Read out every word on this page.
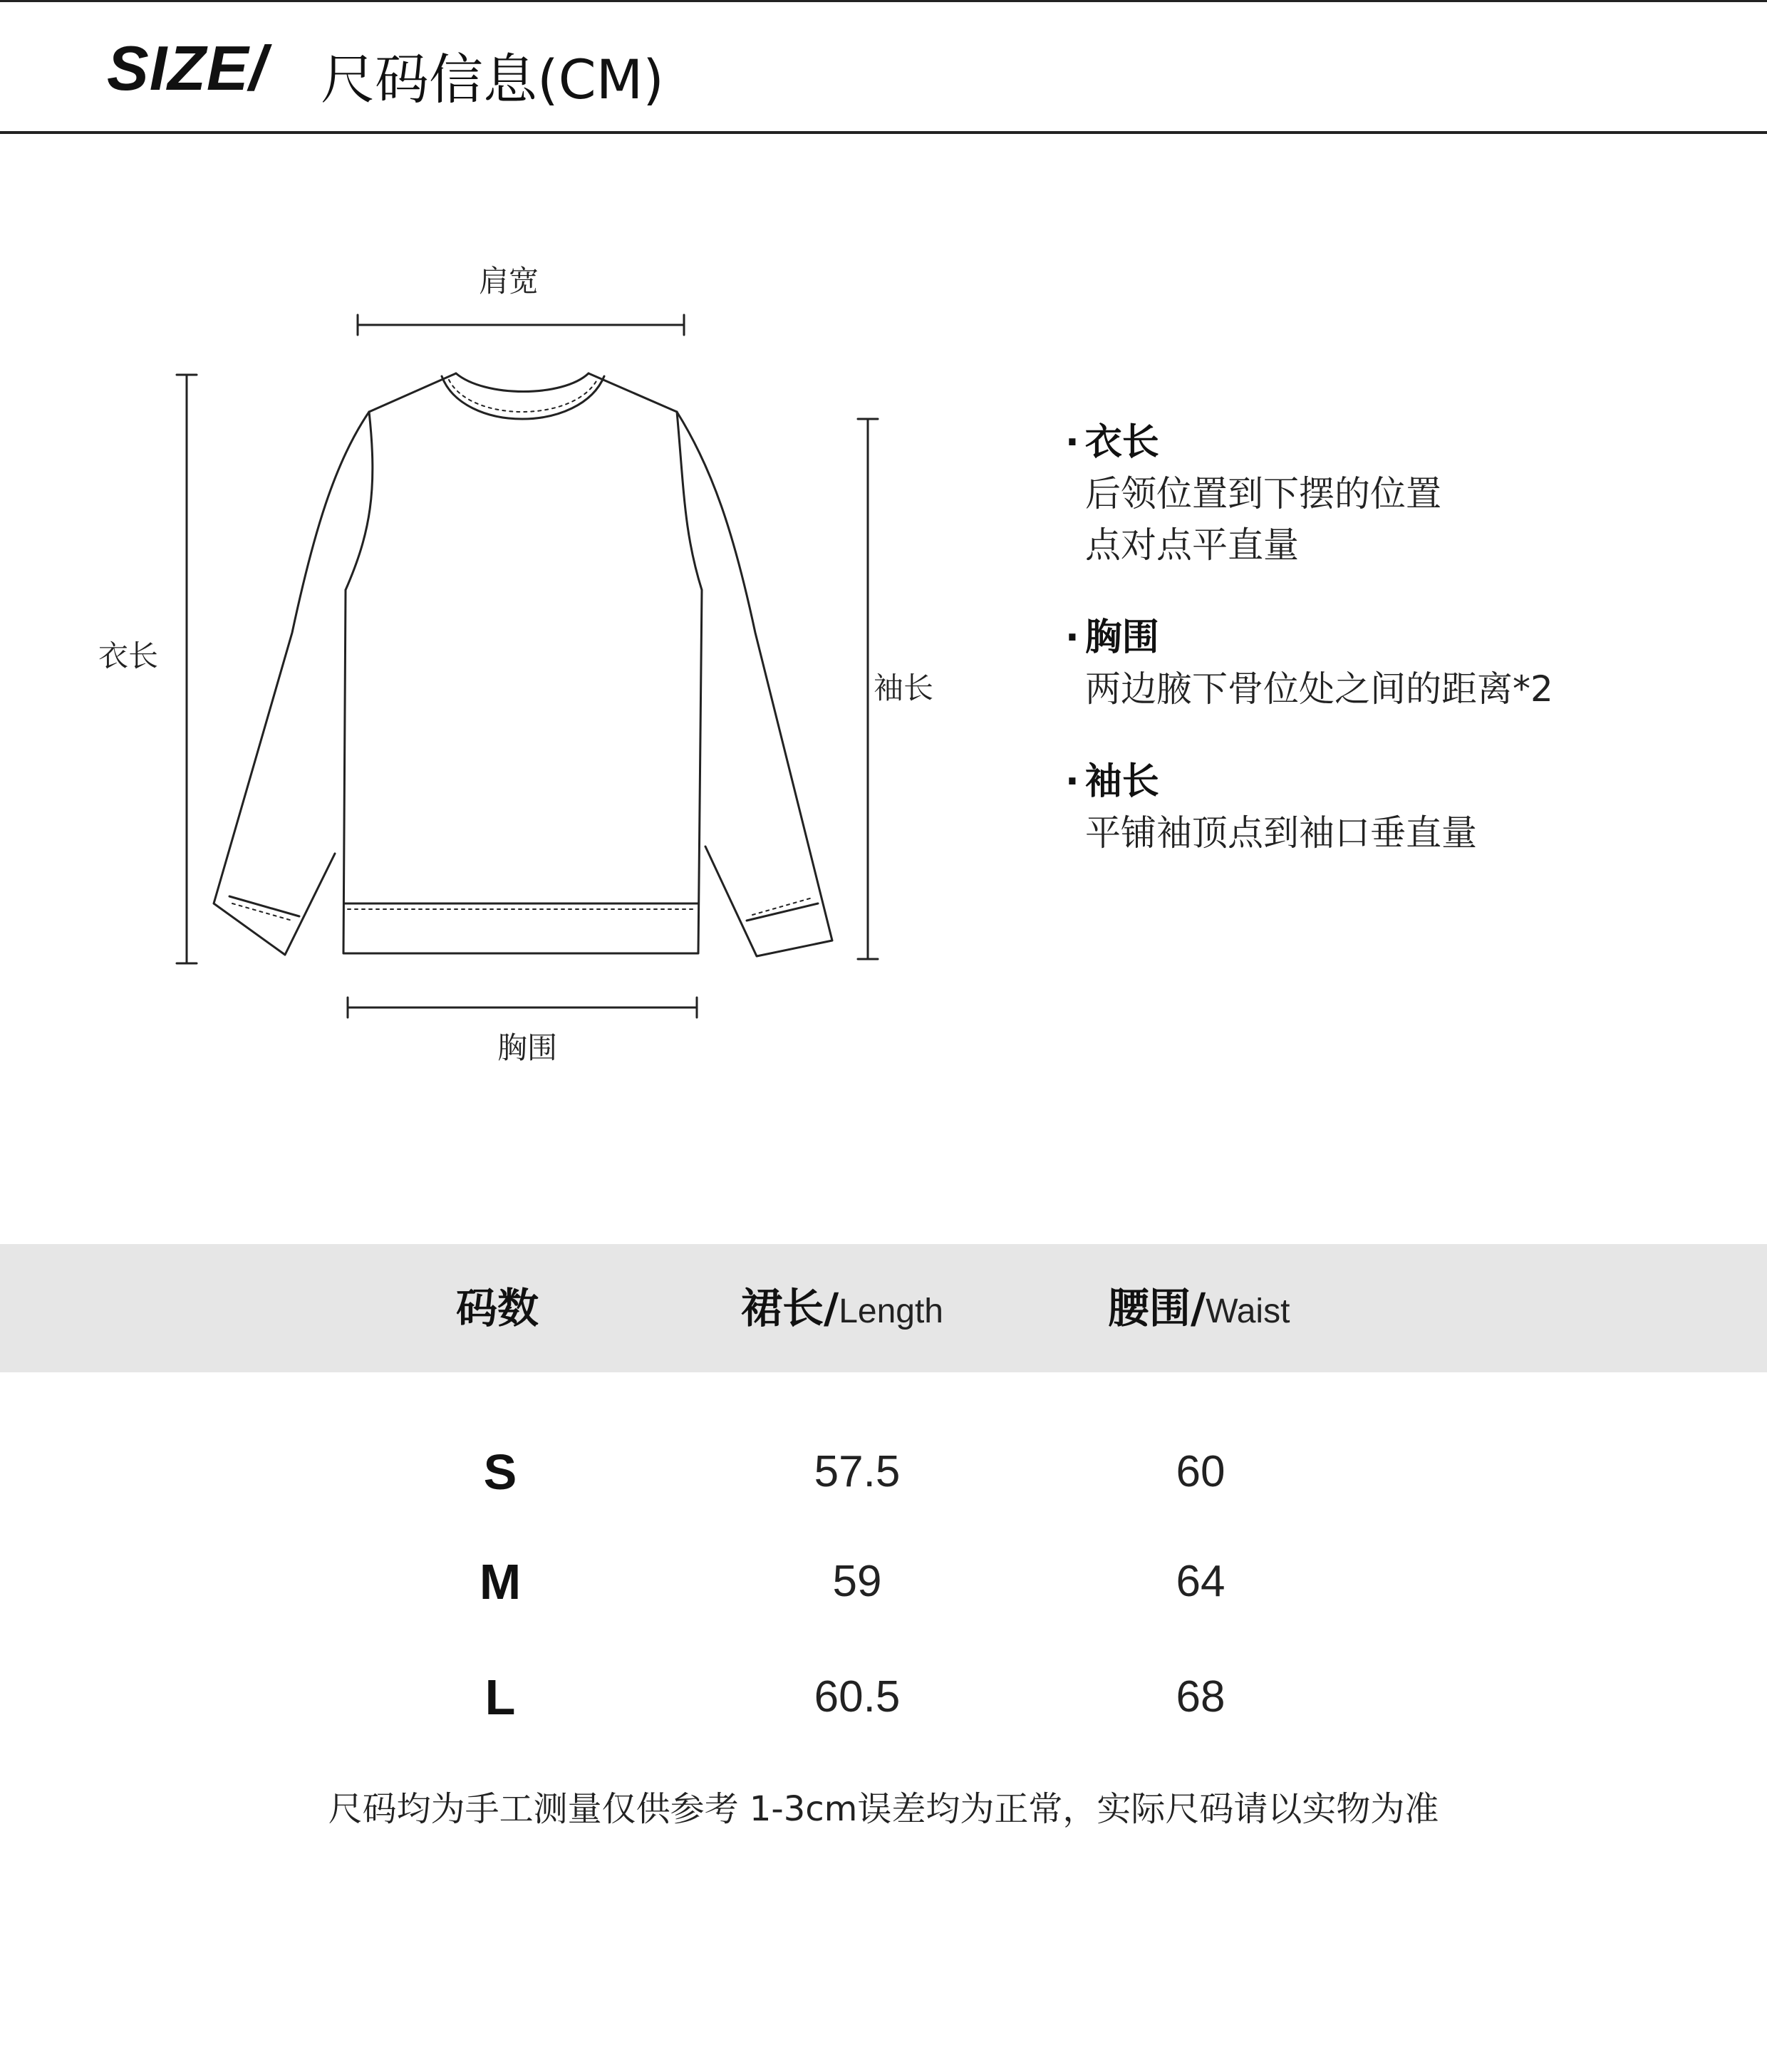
SIZE/ 尺码信息(CM)
肩宽
衣长
袖长
胸围
· 衣长
后领位置到下摆的位置
点对点平直量
· 胸围
两边腋下骨位处之间的距离*2
· 袖长
平铺袖顶点到袖口垂直量
码数	裙长/Length	腰围/Waist
S	57.5	60
M	59	64
L	60.5	68
尺码均为手工测量仅供参考 1-3cm误差均为正常，实际尺码请以实物为准
